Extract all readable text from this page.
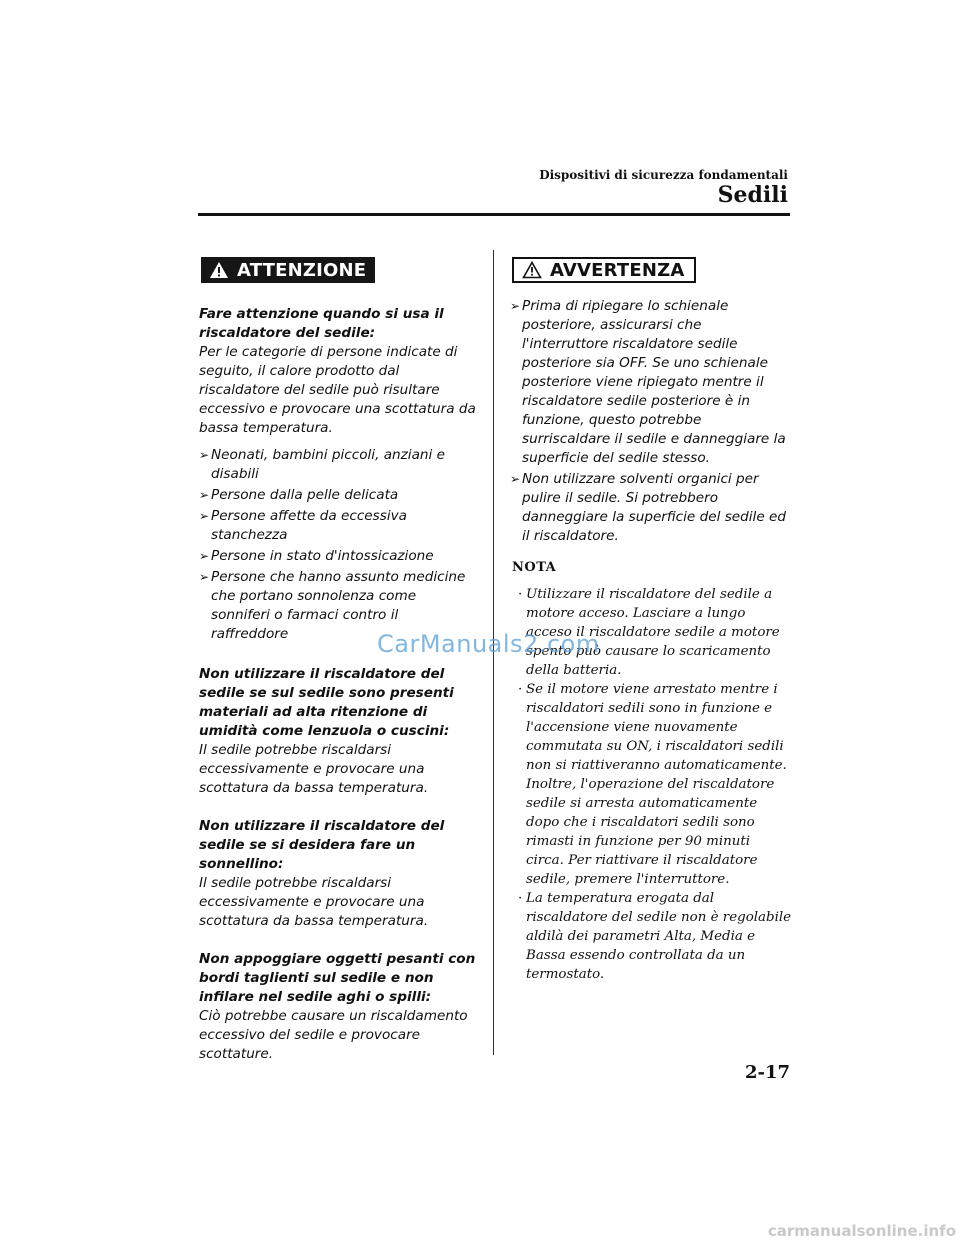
Dispositivi di sicurezza fondamentali
Sedili
ATTENZIONE

Fare attenzione quando si usa il riscaldatore del sedile:

Per le categorie di persone indicate di seguito, il calore prodotto dal riscaldatore del sedile può risultare eccessivo e provocare una scottatura da bassa temperatura.

➢ Neonati, bambini piccoli, anziani e disabili
➢ Persone dalla pelle delicata
➢ Persone affette da eccessiva stanchezza
➢ Persone in stato d'intossicazione
➢ Persone che hanno assunto medicine che portano sonnolenza come sonniferi o farmaci contro il raffreddore

Non utilizzare il riscaldatore del sedile se sul sedile sono presenti materiali ad alta ritenzione di umidità come lenzuola o cuscini:

Il sedile potrebbe riscaldarsi eccessivamente e provocare una scottatura da bassa temperatura.

Non utilizzare il riscaldatore del sedile se si desidera fare un sonnellino:

Il sedile potrebbe riscaldarsi eccessivamente e provocare una scottatura da bassa temperatura.

Non appoggiare oggetti pesanti con bordi taglienti sul sedile e non infilare nel sedile aghi o spilli:

Ciò potrebbe causare un riscaldamento eccessivo del sedile e provocare scottature.

AVVERTENZA
➢ Prima di ripiegare lo schienale posteriore, assicurarsi che l'interruttore riscaldatore sedile posteriore sia OFF. Se uno schienale posteriore viene ripiegato mentre il riscaldatore sedile posteriore è in funzione, questo potrebbe surriscaldare il sedile e danneggiare la superficie del sedile stesso.
➢ Non utilizzare solventi organici per pulire il sedile. Si potrebbero danneggiare la superficie del sedile ed il riscaldatore.
NOTA
· Utilizzare il riscaldatore del sedile a motore acceso. Lasciare a lungo acceso il riscaldatore sedile a motore spento può causare lo scaricamento della batteria.
· Se il motore viene arrestato mentre i riscaldatori sedili sono in funzione e l'accensione viene nuovamente commutata su ON, i riscaldatori sedili non si riattiveranno automaticamente. Inoltre, l'operazione del riscaldatore sedile si arresta automaticamente dopo che i riscaldatori sedili sono rimasti in funzione per 90 minuti circa. Per riattivare il riscaldatore sedile, premere l'interruttore.
· La temperatura erogata dal riscaldatore del sedile non è regolabile aldilà dei parametri Alta, Media e Bassa essendo controllata da un termostato.
CarManuals2.com
2-17
carmanualsonline.info
